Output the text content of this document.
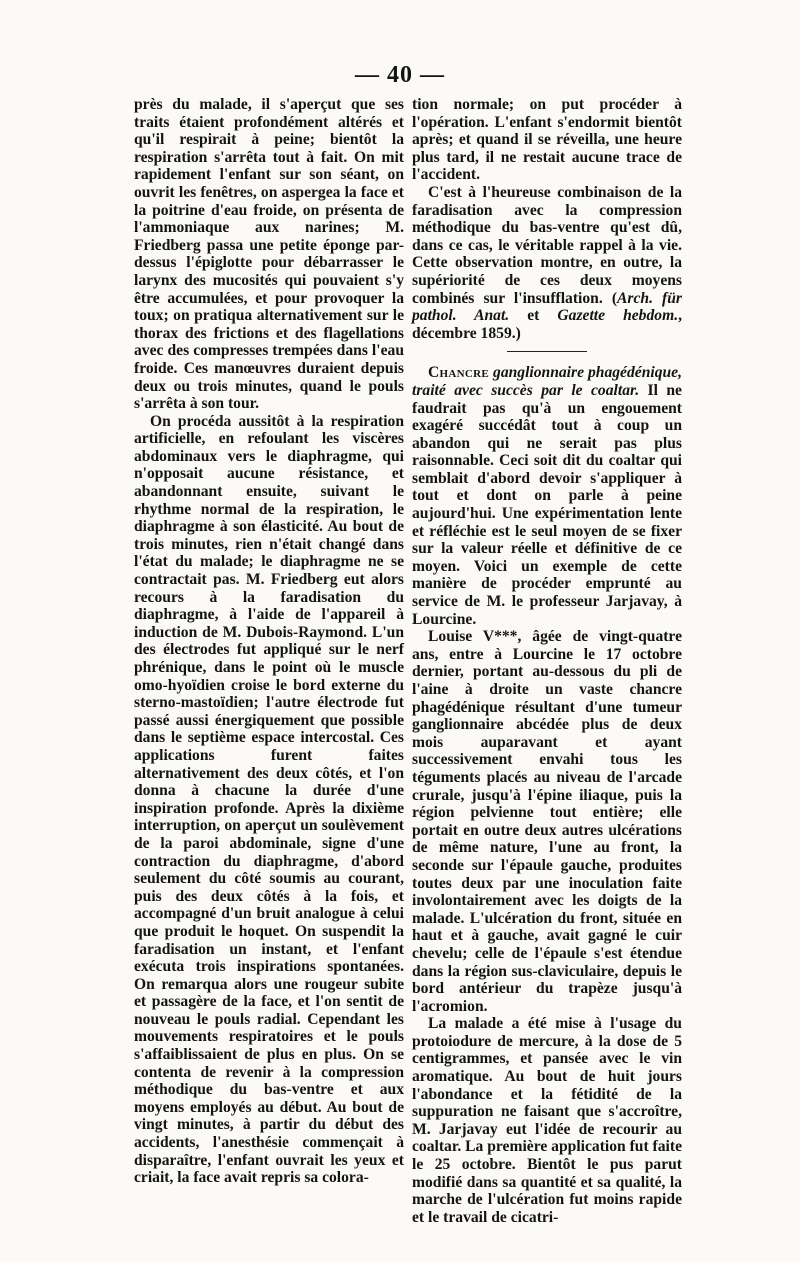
— 40 —

près du malade, il s'aperçut que ses traits étaient profondément altérés et qu'il respirait à peine; bientôt la respiration s'arrêta tout à fait. On mit rapidement l'enfant sur son séant, on ouvrit les fenêtres, on aspergea la face et la poitrine d'eau froide, on présenta de l'ammoniaque aux narines; M. Friedberg passa une petite éponge par-dessus l'épiglotte pour débarrasser le larynx des mucosités qui pouvaient s'y être accumulées, et pour provoquer la toux; on pratiqua alternativement sur le thorax des frictions et des flagellations avec des compresses trempées dans l'eau froide. Ces manœuvres duraient depuis deux ou trois minutes, quand le pouls s'arrêta à son tour.

On procéda aussitôt à la respiration artificielle, en refoulant les viscères abdominaux vers le diaphragme, qui n'opposait aucune résistance, et abandonnant ensuite, suivant le rhythme normal de la respiration, le diaphragme à son élasticité. Au bout de trois minutes, rien n'était changé dans l'état du malade; le diaphragme ne se contractait pas. M. Friedberg eut alors recours à la faradisation du diaphragme, à l'aide de l'appareil à induction de M. Dubois-Raymond. L'un des électrodes fut appliqué sur le nerf phrénique, dans le point où le muscle omo-hyoïdien croise le bord externe du sterno-mastoïdien; l'autre électrode fut passé aussi énergiquement que possible dans le septième espace intercostal. Ces applications furent faites alternativement des deux côtés, et l'on donna à chacune la durée d'une inspiration profonde. Après la dixième interruption, on aperçut un soulèvement de la paroi abdominale, signe d'une contraction du diaphragme, d'abord seulement du côté soumis au courant, puis des deux côtés à la fois, et accompagné d'un bruit analogue à celui que produit le hoquet. On suspendit la faradisation un instant, et l'enfant exécuta trois inspirations spontanées. On remarqua alors une rougeur subite et passagère de la face, et l'on sentit de nouveau le pouls radial. Cependant les mouvements respiratoires et le pouls s'affaiblissaient de plus en plus. On se contenta de revenir à la compression méthodique du bas-ventre et aux moyens employés au début. Au bout de vingt minutes, à partir du début des accidents, l'anesthésie commençait à disparaître, l'enfant ouvrait les yeux et criait, la face avait repris sa colora-

tion normale; on put procéder à l'opération. L'enfant s'endormit bientôt après; et quand il se réveilla, une heure plus tard, il ne restait aucune trace de l'accident.

C'est à l'heureuse combinaison de la faradisation avec la compression méthodique du bas-ventre qu'est dû, dans ce cas, le véritable rappel à la vie. Cette observation montre, en outre, la supériorité de ces deux moyens combinés sur l'insufflation. (Arch. für pathol. Anat. et Gazette hebdom., décembre 1859.)

Chancre ganglionnaire phagédénique, traité avec succès par le coaltar. Il ne faudrait pas qu'à un engouement exagéré succédât tout à coup un abandon qui ne serait pas plus raisonnable. Ceci soit dit du coaltar qui semblait d'abord devoir s'appliquer à tout et dont on parle à peine aujourd'hui. Une expérimentation lente et réfléchie est le seul moyen de se fixer sur la valeur réelle et définitive de ce moyen. Voici un exemple de cette manière de procéder emprunté au service de M. le professeur Jarjavay, à Lourcine.

Louise V***, âgée de vingt-quatre ans, entre à Lourcine le 17 octobre dernier, portant au-dessous du pli de l'aine à droite un vaste chancre phagédénique résultant d'une tumeur ganglionnaire abcédée plus de deux mois auparavant et ayant successivement envahi tous les téguments placés au niveau de l'arcade crurale, jusqu'à l'épine iliaque, puis la région pelvienne tout entière; elle portait en outre deux autres ulcérations de même nature, l'une au front, la seconde sur l'épaule gauche, produites toutes deux par une inoculation faite involontairement avec les doigts de la malade. L'ulcération du front, située en haut et à gauche, avait gagné le cuir chevelu; celle de l'épaule s'est étendue dans la région sus-claviculaire, depuis le bord antérieur du trapèze jusqu'à l'acromion.

La malade a été mise à l'usage du protoiodure de mercure, à la dose de 5 centigrammes, et pansée avec le vin aromatique. Au bout de huit jours l'abondance et la fétidité de la suppuration ne faisant que s'accroître, M. Jarjavay eut l'idée de recourir au coaltar. La première application fut faite le 25 octobre. Bientôt le pus parut modifié dans sa quantité et sa qualité, la marche de l'ulcération fut moins rapide et le travail de cicatri-
